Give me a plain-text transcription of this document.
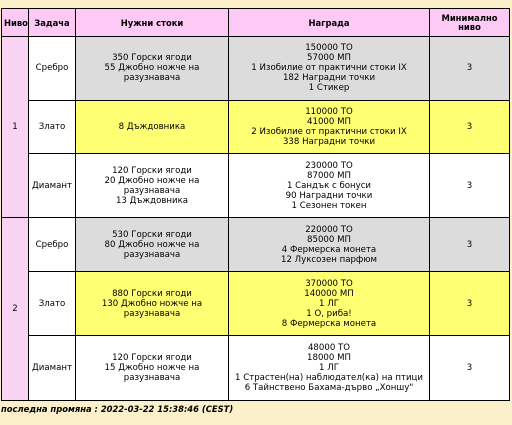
Ниво	Задача	Нужни стоки	Награда	Минимално ниво
1	Сребро	350 Горски ягоди
55 Джобно ножче на разузнавача	150000 ТО
57000 МП
1 Изобилие от практични стоки IX
182 Наградни точки
1 Стикер	3
	Злато	8 Дъждовника	110000 ТО
41000 МП
2 Изобилие от практични стоки IX
338 Наградни точки	3
	Диамант	120 Горски ягоди
20 Джобно ножче на разузнавача
13 Дъждовника	230000 ТО
87000 МП
1 Сандък с бонуси
90 Наградни точки
1 Сезонен токен	3
2	Сребро	530 Горски ягоди
80 Джобно ножче на разузнавача	220000 ТО
85000 МП
4 Фермерска монета
12 Луксозен парфюм	3
	Злато	880 Горски ягоди
130 Джобно ножче на разузнавача	370000 ТО
140000 МП
1 ЛГ
1 О, риба!
8 Фермерска монета	3
	Диамант	120 Горски ягоди
15 Джобно ножче на разузнавача	48000 ТО
18000 МП
1 ЛГ
1 Страстен(на) наблюдател(ка) на птици
6 Тайнствено Бахама-дърво „Хоншу"	3
последна промяна : 2022-03-22 15:38:46 (CEST)
